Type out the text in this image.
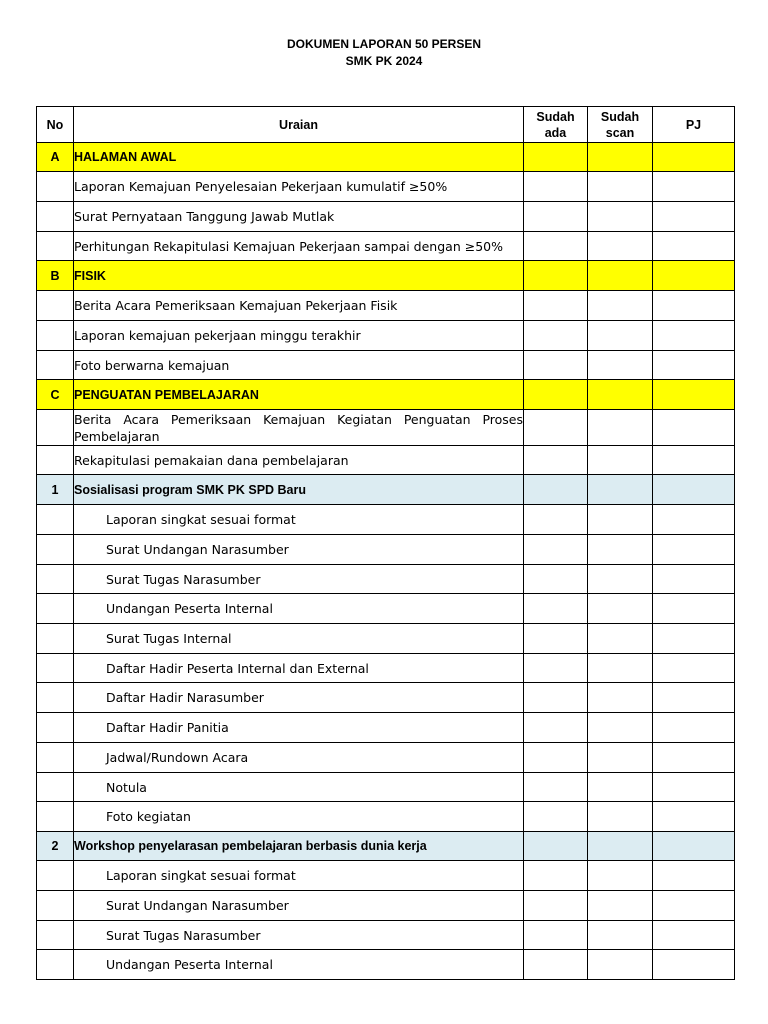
DOKUMEN LAPORAN 50 PERSEN
SMK PK 2024
No	Uraian	Sudah ada	Sudah scan	PJ
A	HALAMAN AWAL			
	Laporan Kemajuan Penyelesaian Pekerjaan kumulatif ≥50%			
	Surat Pernyataan Tanggung Jawab Mutlak			
	Perhitungan Rekapitulasi Kemajuan Pekerjaan sampai dengan ≥50%			
B	FISIK			
	Berita Acara Pemeriksaan Kemajuan Pekerjaan Fisik			
	Laporan kemajuan pekerjaan minggu terakhir			
	Foto berwarna kemajuan			
C	PENGUATAN PEMBELAJARAN			
	Berita Acara Pemeriksaan Kemajuan Kegiatan Penguatan Proses Pembelajaran			
	Rekapitulasi pemakaian dana pembelajaran			
1	Sosialisasi program SMK PK SPD Baru			
	Laporan singkat sesuai format			
	Surat Undangan Narasumber			
	Surat Tugas Narasumber			
	Undangan Peserta Internal			
	Surat Tugas Internal			
	Daftar Hadir Peserta Internal dan External			
	Daftar Hadir Narasumber			
	Daftar Hadir Panitia			
	Jadwal/Rundown Acara			
	Notula			
	Foto kegiatan			
2	Workshop penyelarasan pembelajaran berbasis dunia kerja			
	Laporan singkat sesuai format			
	Surat Undangan Narasumber			
	Surat Tugas Narasumber			
	Undangan Peserta Internal			
